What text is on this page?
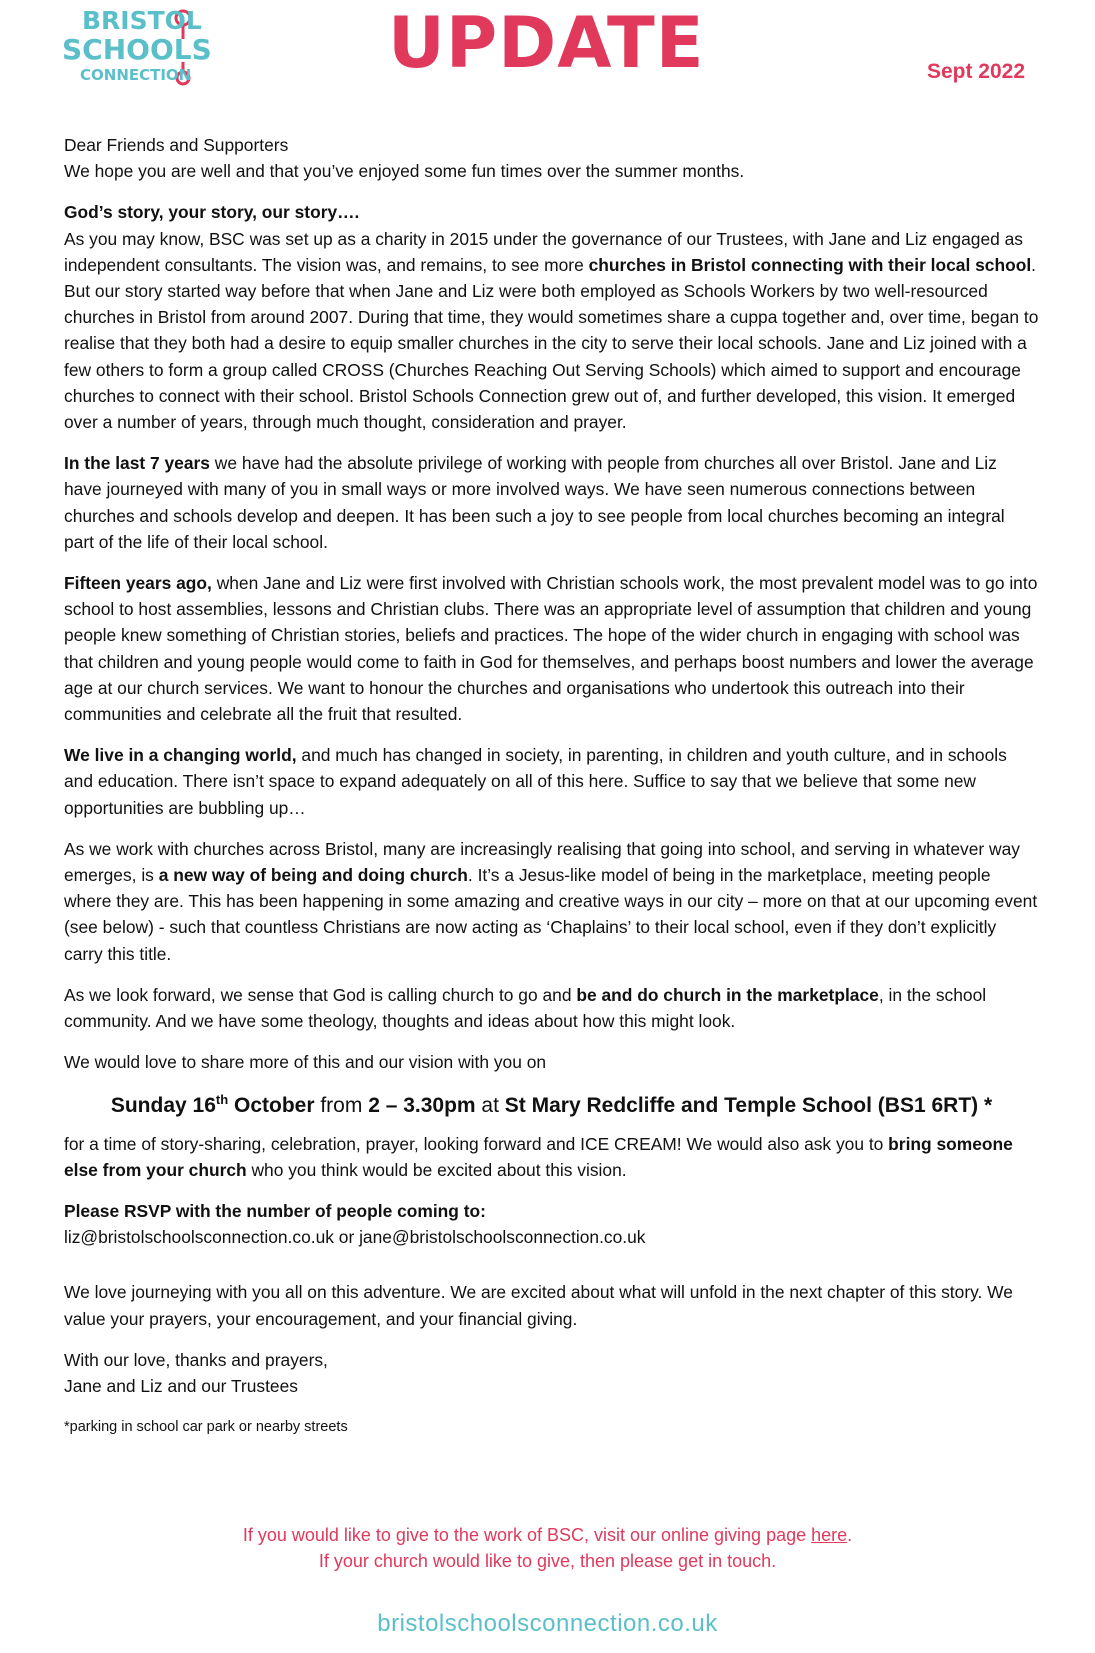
BRISTOL
SCHOOLS
CONNECTION	UPDATE	Sept 2022

Dear Friends and Supporters
We hope you are well and that you’ve enjoyed some fun times over the summer months.

God’s story, your story, our story….
As you may know, BSC was set up as a charity in 2015 under the governance of our Trustees, with Jane and Liz engaged as independent consultants. The vision was, and remains, to see more churches in Bristol connecting with their local school. But our story started way before that when Jane and Liz were both employed as Schools Workers by two well-resourced churches in Bristol from around 2007. During that time, they would sometimes share a cuppa together and, over time, began to realise that they both had a desire to equip smaller churches in the city to serve their local schools. Jane and Liz joined with a few others to form a group called CROSS (Churches Reaching Out Serving Schools) which aimed to support and encourage churches to connect with their school. Bristol Schools Connection grew out of, and further developed, this vision. It emerged over a number of years, through much thought, consideration and prayer.

In the last 7 years we have had the absolute privilege of working with people from churches all over Bristol. Jane and Liz have journeyed with many of you in small ways or more involved ways. We have seen numerous connections between churches and schools develop and deepen. It has been such a joy to see people from local churches becoming an integral part of the life of their local school.

Fifteen years ago, when Jane and Liz were first involved with Christian schools work, the most prevalent model was to go into school to host assemblies, lessons and Christian clubs. There was an appropriate level of assumption that children and young people knew something of Christian stories, beliefs and practices. The hope of the wider church in engaging with school was that children and young people would come to faith in God for themselves, and perhaps boost numbers and lower the average age at our church services. We want to honour the churches and organisations who undertook this outreach into their communities and celebrate all the fruit that resulted.

We live in a changing world, and much has changed in society, in parenting, in children and youth culture, and in schools and education. There isn’t space to expand adequately on all of this here. Suffice to say that we believe that some new opportunities are bubbling up…

As we work with churches across Bristol, many are increasingly realising that going into school, and serving in whatever way emerges, is a new way of being and doing church. It’s a Jesus-like model of being in the marketplace, meeting people where they are. This has been happening in some amazing and creative ways in our city – more on that at our upcoming event (see below) - such that countless Christians are now acting as ‘Chaplains’ to their local school, even if they don’t explicitly carry this title.

As we look forward, we sense that God is calling church to go and be and do church in the marketplace, in the school community. And we have some theology, thoughts and ideas about how this might look.

We would love to share more of this and our vision with you on

Sunday 16th October from 2 – 3.30pm at St Mary Redcliffe and Temple School (BS1 6RT) *

for a time of story-sharing, celebration, prayer, looking forward and ICE CREAM! We would also ask you to bring someone else from your church who you think would be excited about this vision.

Please RSVP with the number of people coming to:
liz@bristolschoolsconnection.co.uk or jane@bristolschoolsconnection.co.uk

We love journeying with you all on this adventure. We are excited about what will unfold in the next chapter of this story. We value your prayers, your encouragement, and your financial giving.

With our love, thanks and prayers,
Jane and Liz and our Trustees

*parking in school car park or nearby streets
If you would like to give to the work of BSC, visit our online giving page here.
If your church would like to give, then please get in touch.
bristolschoolsconnection.co.uk
